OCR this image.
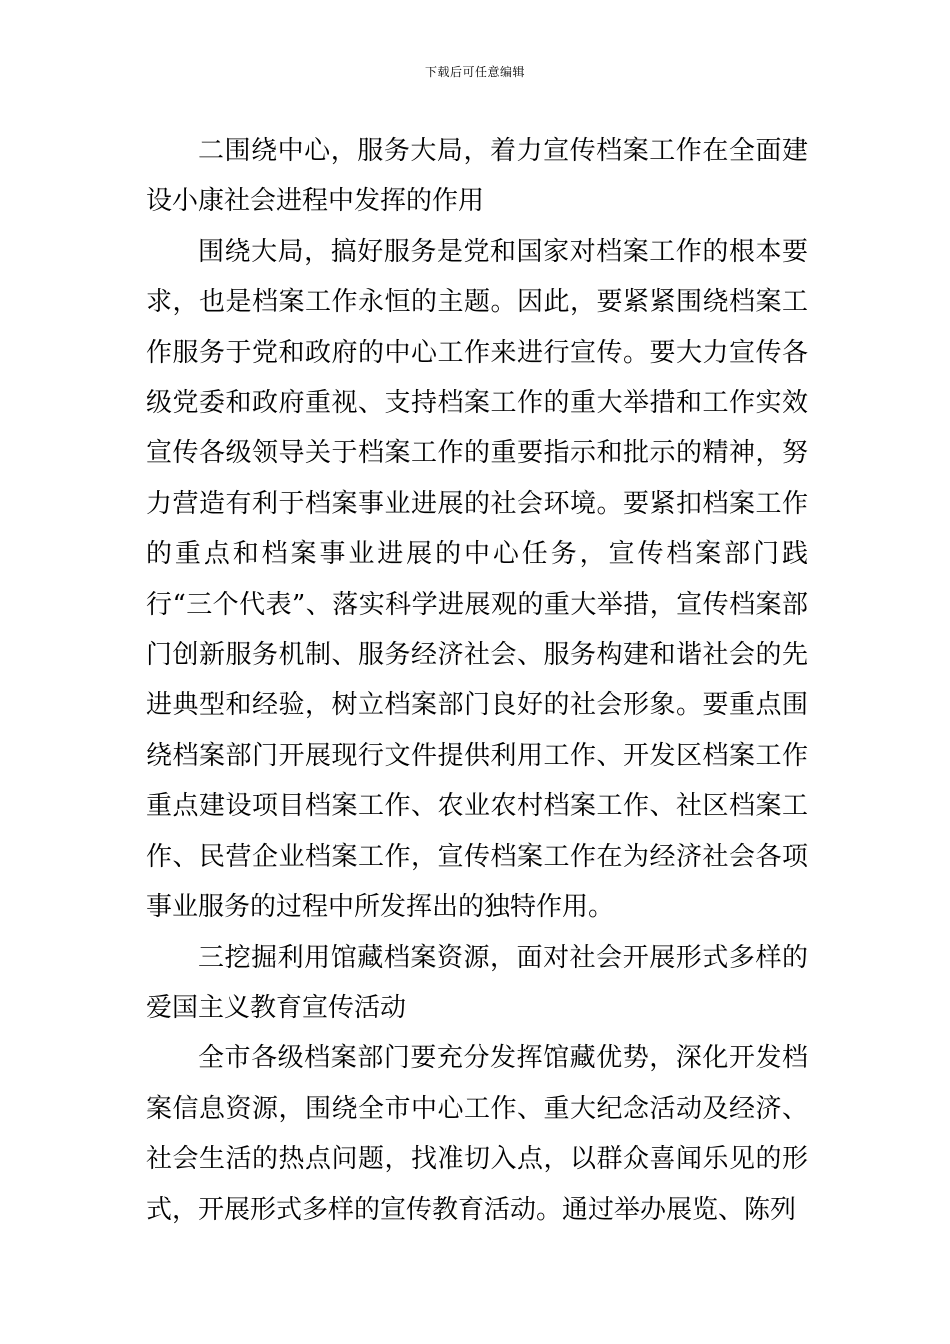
下载后可任意编辑

二围绕中心，服务大局，着力宣传档案工作在全面建设小康社会进程中发挥的作用

围绕大局，搞好服务是党和国家对档案工作的根本要求，也是档案工作永恒的主题。因此，要紧紧围绕档案工作服务于党和政府的中心工作来进行宣传。要大力宣传各级党委和政府重视、支持档案工作的重大举措和工作实效宣传各级领导关于档案工作的重要指示和批示的精神，努力营造有利于档案事业进展的社会环境。要紧扣档案工作的重点和档案事业进展的中心任务，宣传档案部门践行“三个代表”、落实科学进展观的重大举措，宣传档案部门创新服务机制、服务经济社会、服务构建和谐社会的先进典型和经验，树立档案部门良好的社会形象。要重点围绕档案部门开展现行文件提供利用工作、开发区档案工作重点建设项目档案工作、农业农村档案工作、社区档案工作、民营企业档案工作，宣传档案工作在为经济社会各项事业服务的过程中所发挥出的独特作用。

三挖掘利用馆藏档案资源，面对社会开展形式多样的爱国主义教育宣传活动

全市各级档案部门要充分发挥馆藏优势，深化开发档案信息资源，围绕全市中心工作、重大纪念活动及经济、社会生活的热点问题，找准切入点，以群众喜闻乐见的形式，开展形式多样的宣传教育活动。通过举办展览、陈列
